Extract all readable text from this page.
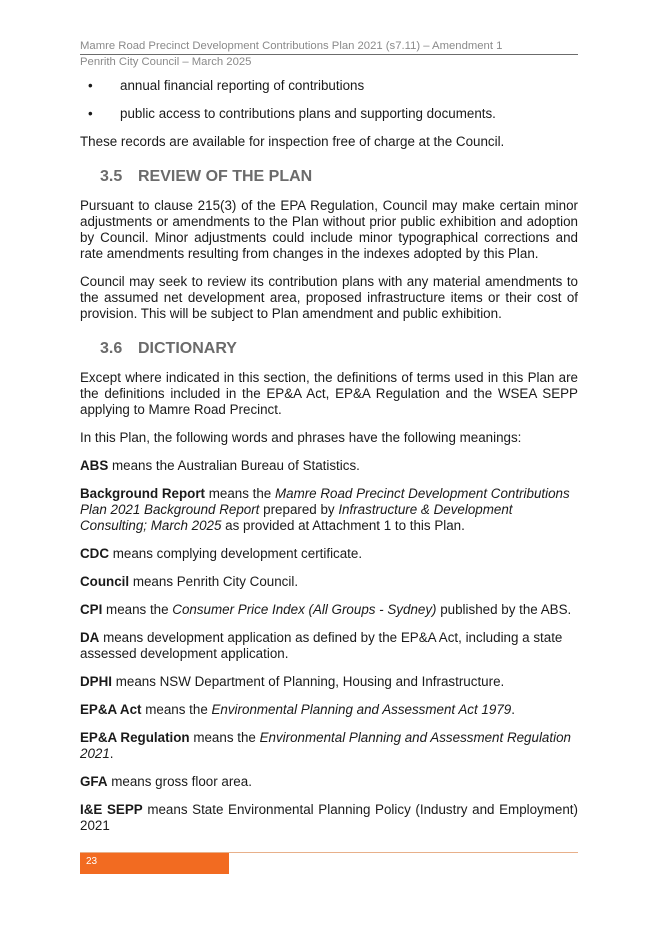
Mamre Road Precinct Development Contributions Plan 2021 (s7.11) – Amendment 1
Penrith City Council – March 2025
• annual financial reporting of contributions
• public access to contributions plans and supporting documents.

These records are available for inspection free of charge at the Council.

3.5 REVIEW OF THE PLAN

Pursuant to clause 215(3) of the EPA Regulation, Council may make certain minor adjustments or amendments to the Plan without prior public exhibition and adoption by Council. Minor adjustments could include minor typographical corrections and rate amendments resulting from changes in the indexes adopted by this Plan.

Council may seek to review its contribution plans with any material amendments to the assumed net development area, proposed infrastructure items or their cost of provision. This will be subject to Plan amendment and public exhibition.

3.6 DICTIONARY

Except where indicated in this section, the definitions of terms used in this Plan are the definitions included in the EP&A Act, EP&A Regulation and the WSEA SEPP applying to Mamre Road Precinct.

In this Plan, the following words and phrases have the following meanings:

ABS means the Australian Bureau of Statistics.

Background Report means the Mamre Road Precinct Development Contributions Plan 2021 Background Report prepared by Infrastructure & Development Consulting; March 2025 as provided at Attachment 1 to this Plan.

CDC means complying development certificate.

Council means Penrith City Council.

CPI means the Consumer Price Index (All Groups - Sydney) published by the ABS.

DA means development application as defined by the EP&A Act, including a state assessed development application.

DPHI means NSW Department of Planning, Housing and Infrastructure.

EP&A Act means the Environmental Planning and Assessment Act 1979.

EP&A Regulation means the Environmental Planning and Assessment Regulation 2021.

GFA means gross floor area.

I&E SEPP means State Environmental Planning Policy (Industry and Employment) 2021

23
